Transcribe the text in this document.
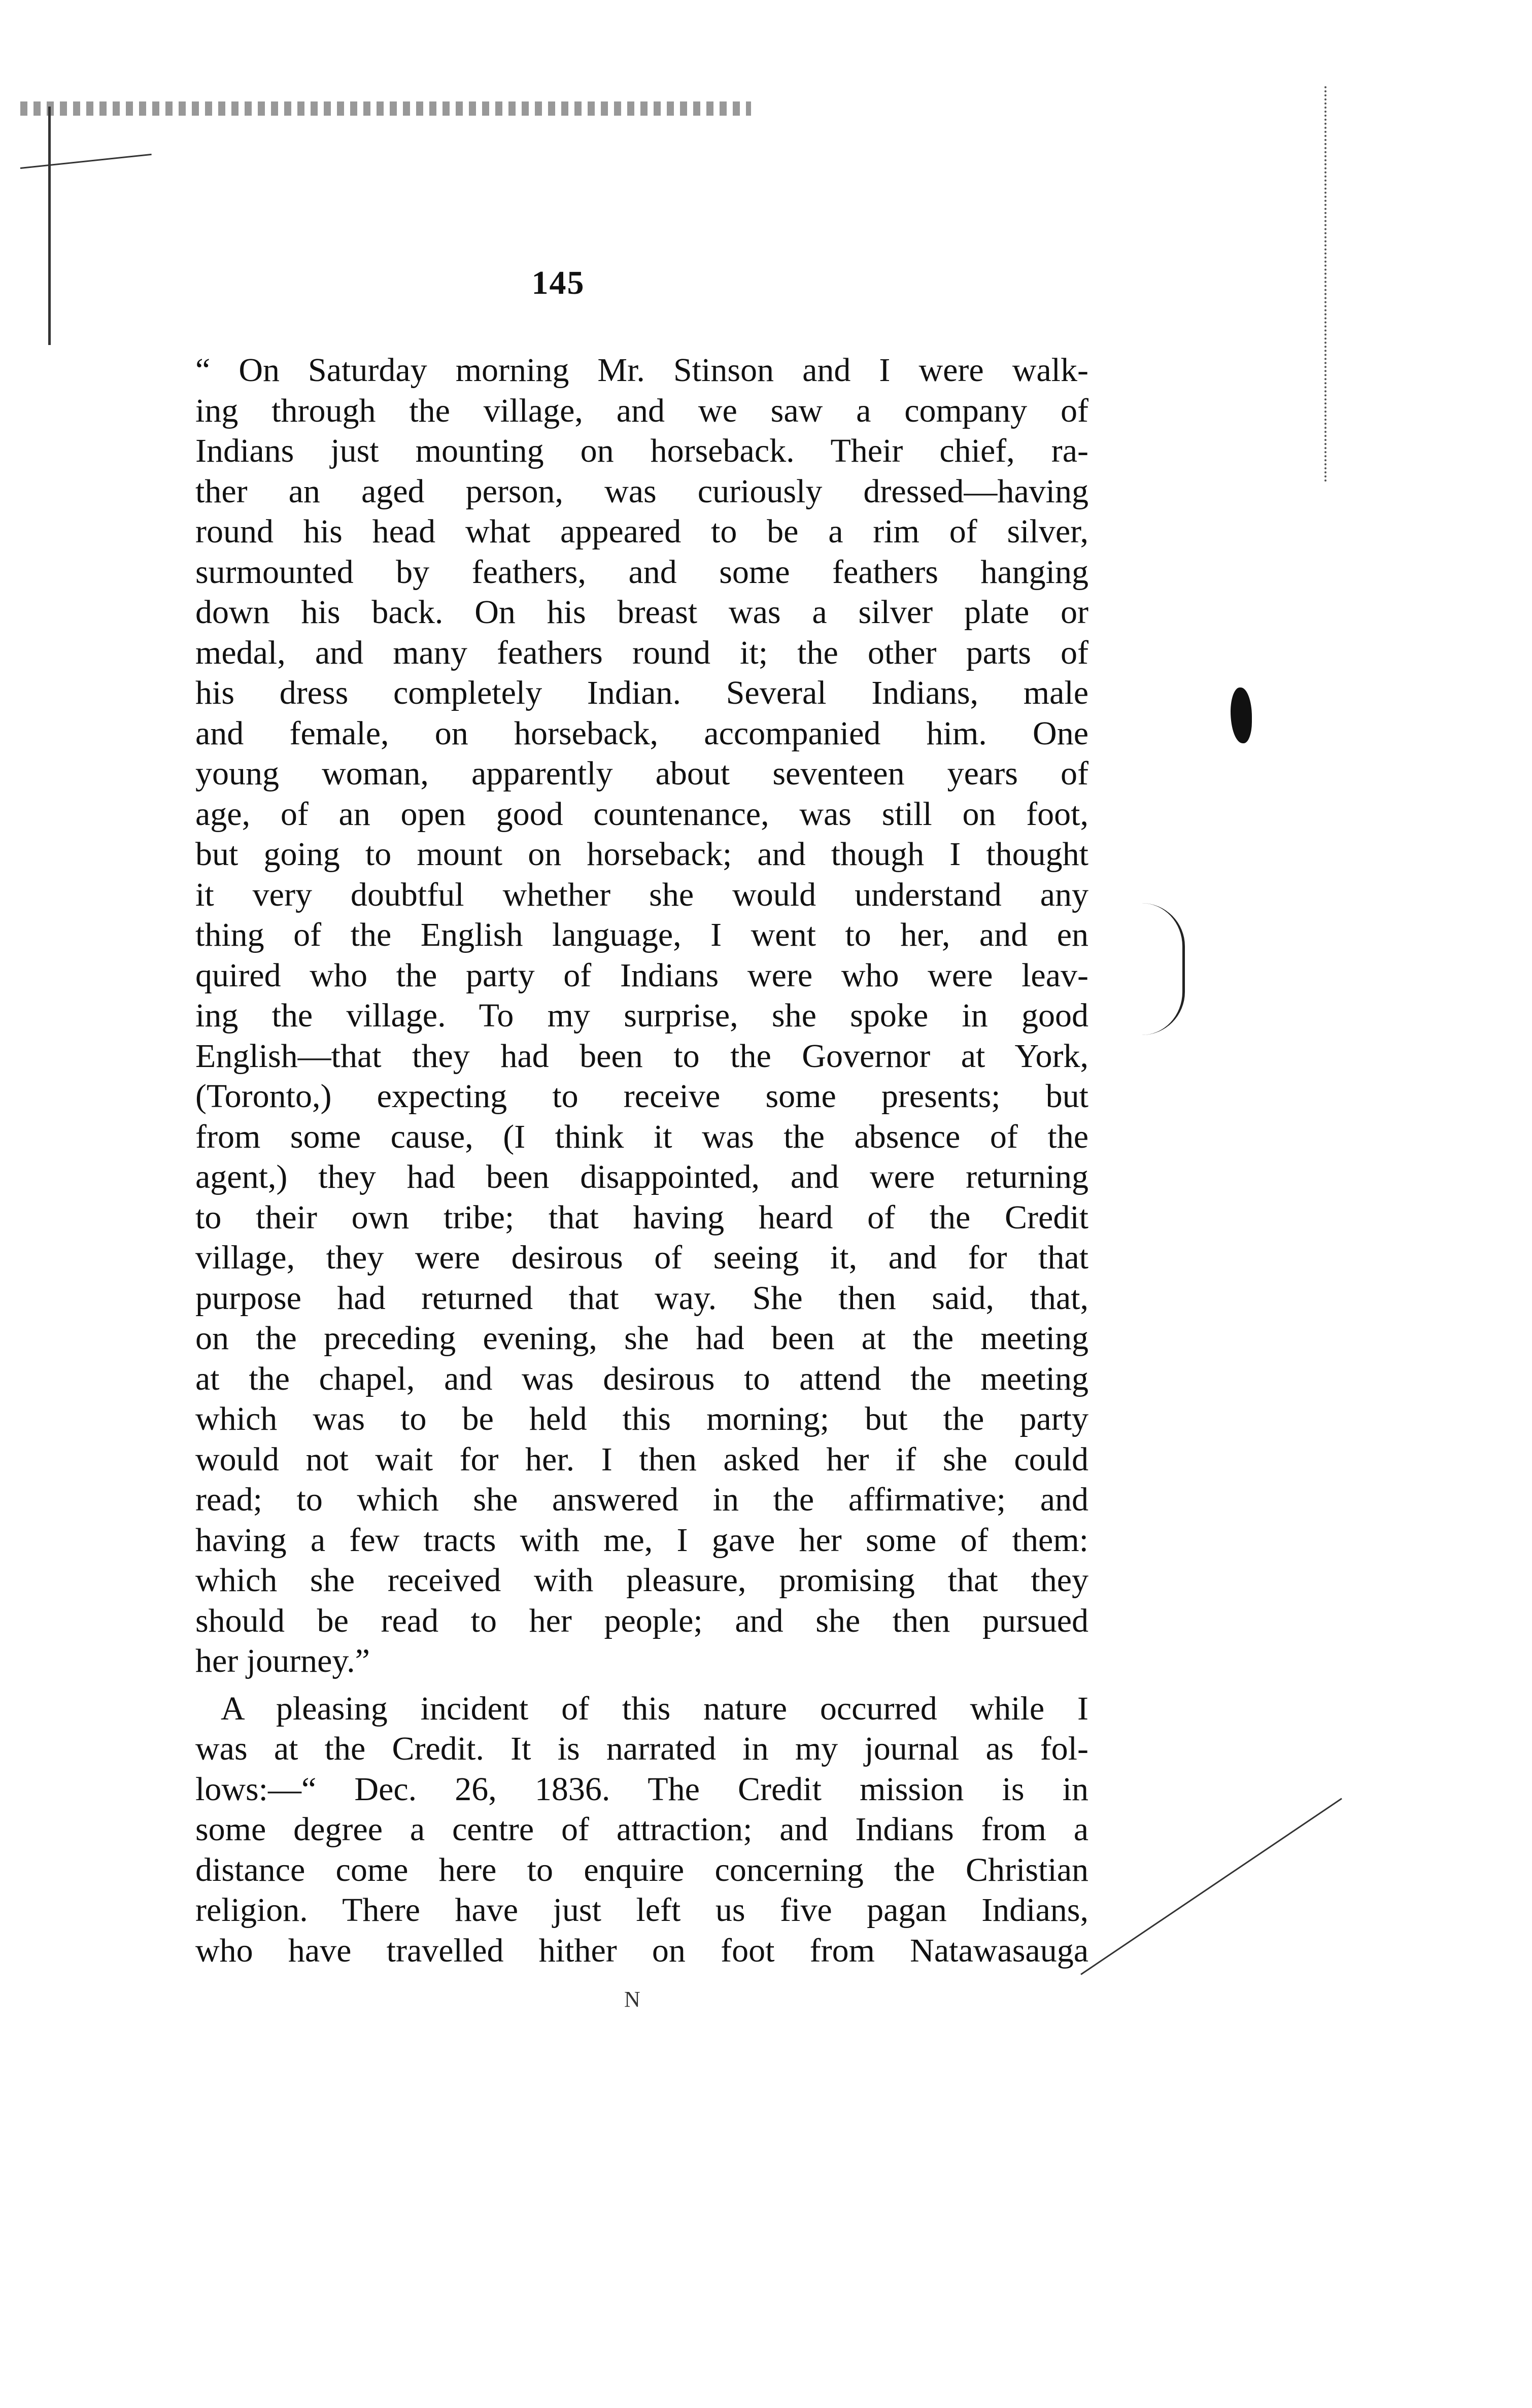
145
“ On Saturday morning Mr. Stinson and I were walk-
ing through the village, and we saw a company of
Indians just mounting on horseback. Their chief, ra-
ther an aged person, was curiously dressed—having
round his head what appeared to be a rim of silver,
surmounted by feathers, and some feathers hanging
down his back. On his breast was a silver plate or
medal, and many feathers round it; the other parts of
his dress completely Indian. Several Indians, male
and female, on horseback, accompanied him. One
young woman, apparently about seventeen years of
age, of an open good countenance, was still on foot,
but going to mount on horseback; and though I thought
it very doubtful whether she would understand any
thing of the English language, I went to her, and en
quired who the party of Indians were who were leav-
ing the village. To my surprise, she spoke in good
English—that they had been to the Governor at York,
(Toronto,) expecting to receive some presents; but
from some cause, (I think it was the absence of the
agent,) they had been disappointed, and were returning
to their own tribe; that having heard of the Credit
village, they were desirous of seeing it, and for that
purpose had returned that way. She then said, that,
on the preceding evening, she had been at the meeting
at the chapel, and was desirous to attend the meeting
which was to be held this morning; but the party
would not wait for her. I then asked her if she could
read; to which she answered in the affirmative; and
having a few tracts with me, I gave her some of them:
which she received with pleasure, promising that they
should be read to her people; and she then pursued
her journey.”
A pleasing incident of this nature occurred while I
was at the Credit. It is narrated in my journal as fol-
lows:—“ Dec. 26, 1836. The Credit mission is in
some degree a centre of attraction; and Indians from a
distance come here to enquire concerning the Christian
religion. There have just left us five pagan Indians,
who have travelled hither on foot from Natawasauga
N
